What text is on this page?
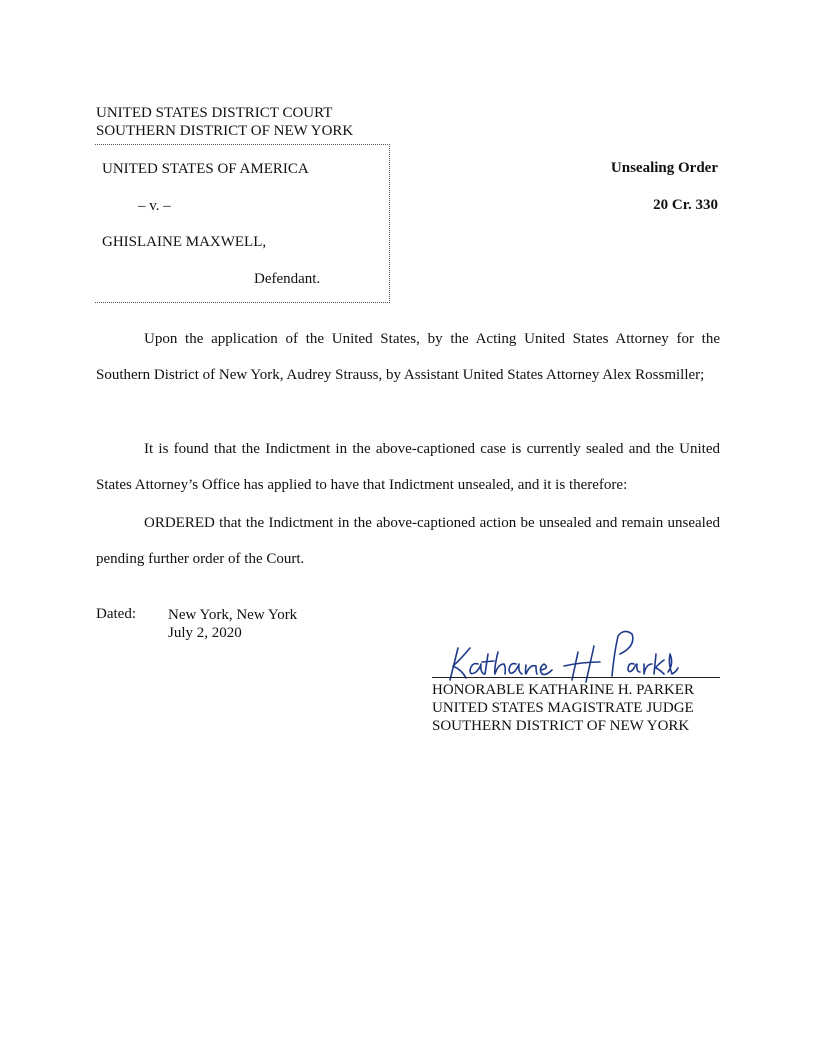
UNITED STATES DISTRICT COURT
SOUTHERN DISTRICT OF NEW YORK
UNITED STATES OF AMERICA
– v. –
GHISLAINE MAXWELL,
Defendant.
Unsealing Order
20 Cr. 330
Upon the application of the United States, by the Acting United States Attorney for the Southern District of New York, Audrey Strauss, by Assistant United States Attorney Alex Rossmiller;
It is found that the Indictment in the above-captioned case is currently sealed and the United States Attorney’s Office has applied to have that Indictment unsealed, and it is therefore:
ORDERED that the Indictment in the above-captioned action be unsealed and remain unsealed pending further order of the Court.
Dated: New York, New York
July 2, 2020
HONORABLE KATHARINE H. PARKER
UNITED STATES MAGISTRATE JUDGE
SOUTHERN DISTRICT OF NEW YORK
